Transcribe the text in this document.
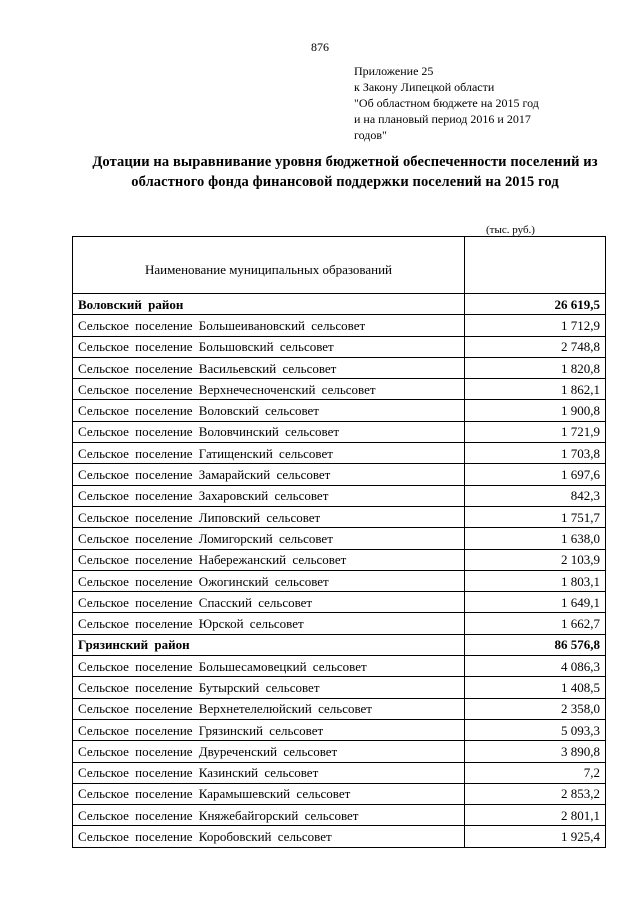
876
Приложение 25
к Закону Липецкой области
"Об областном бюджете на 2015 год
и на плановый период 2016 и 2017
годов"
Дотации на выравнивание уровня бюджетной обеспеченности поселений из областного фонда финансовой поддержки поселений на 2015 год
(тыс. руб.)
Наименование муниципальных образований	
Воловский район	26 619,5
Сельское поселение Большеивановский сельсовет	1 712,9
Сельское поселение Большовский сельсовет	2 748,8
Сельское поселение Васильевский сельсовет	1 820,8
Сельское поселение Верхнечесноченский сельсовет	1 862,1
Сельское поселение Воловский сельсовет	1 900,8
Сельское поселение Воловчинский сельсовет	1 721,9
Сельское поселение Гатищенский сельсовет	1 703,8
Сельское поселение Замарайский сельсовет	1 697,6
Сельское поселение Захаровский сельсовет	842,3
Сельское поселение Липовский сельсовет	1 751,7
Сельское поселение Ломигорский сельсовет	1 638,0
Сельское поселение Набережанский сельсовет	2 103,9
Сельское поселение Ожогинский сельсовет	1 803,1
Сельское поселение Спасский сельсовет	1 649,1
Сельское поселение Юрской сельсовет	1 662,7
Грязинский район	86 576,8
Сельское поселение Большесамовецкий сельсовет	4 086,3
Сельское поселение Бутырский сельсовет	1 408,5
Сельское поселение Верхнетелелюйский сельсовет	2 358,0
Сельское поселение Грязинский сельсовет	5 093,3
Сельское поселение Двуреченский сельсовет	3 890,8
Сельское поселение Казинский сельсовет	7,2
Сельское поселение Карамышевский сельсовет	2 853,2
Сельское поселение Княжебайгорский сельсовет	2 801,1
Сельское поселение Коробовский сельсовет	1 925,4
